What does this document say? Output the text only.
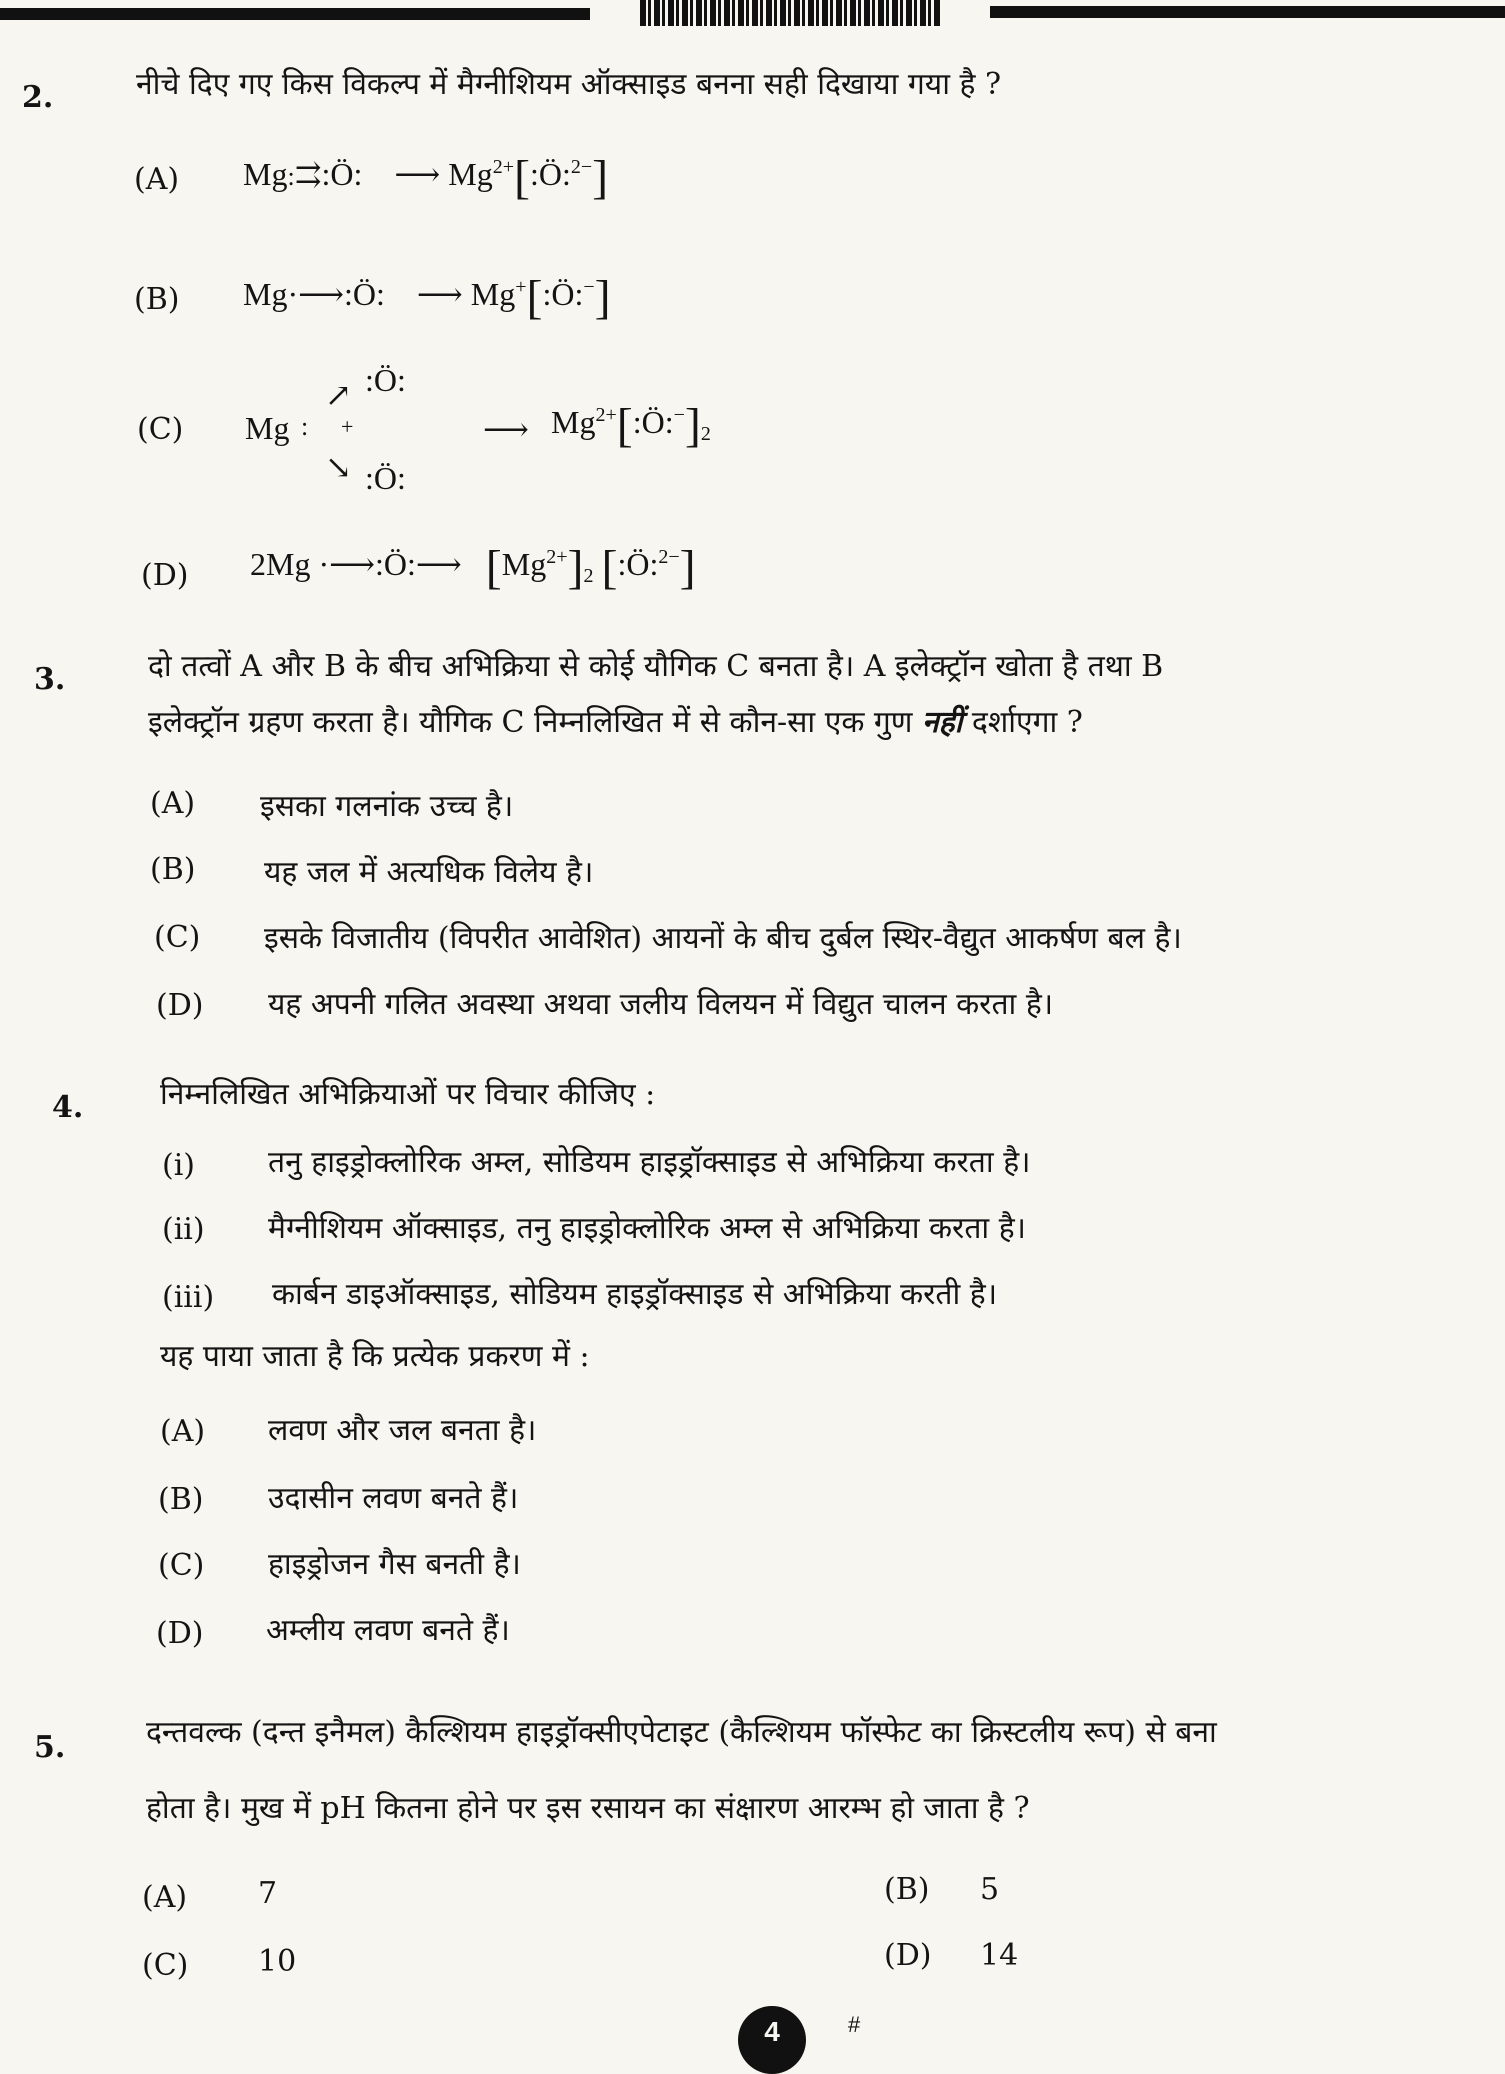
2.	नीचे दिए गए किस विकल्प में मैग्नीशियम ऑक्साइड बनना सही दिखाया गया है ?
(A) Mg:⇉:Ö: ⟶ $Mg^{2+}[:Ö:^{2-}]$
(B) Mg·⟶:Ö: ⟶ Mg+[:Ö:−]
(C) Mg : +
↗
↘
:Ö:
:Ö:
⟶ $Mg^{2+}[:Ö:^-]_2$
(D) 2Mg ·⟶:Ö:⟶ $[Mg^{2+}]_2$ [:Ö:$^{2-}$]
3.	दो तत्वों A और B के बीच अभिक्रिया से कोई यौगिक C बनता है। A इलेक्ट्रॉन खोता है तथा B
इलेक्ट्रॉन ग्रहण करता है। यौगिक C निम्नलिखित में से कौन-सा एक गुण नहीं दर्शाएगा ?
(A) इसका गलनांक उच्च है।
(B) यह जल में अत्यधिक विलेय है।
(C) इसके विजातीय (विपरीत आवेशित) आयनों के बीच दुर्बल स्थिर-वैद्युत आकर्षण बल है।
(D) यह अपनी गलित अवस्था अथवा जलीय विलयन में विद्युत चालन करता है।
4.	निम्नलिखित अभिक्रियाओं पर विचार कीजिए :
(i) तनु हाइड्रोक्लोरिक अम्ल, सोडियम हाइड्रॉक्साइड से अभिक्रिया करता है।
(ii) मैग्नीशियम ऑक्साइड, तनु हाइड्रोक्लोरिक अम्ल से अभिक्रिया करता है।
(iii) कार्बन डाइऑक्साइड, सोडियम हाइड्रॉक्साइड से अभिक्रिया करती है।
यह पाया जाता है कि प्रत्येक प्रकरण में :
(A) लवण और जल बनता है।
(B) उदासीन लवण बनते हैं।
(C) हाइड्रोजन गैस बनती है।
(D) अम्लीय लवण बनते हैं।
5.	दन्तवल्क (दन्त इनैमल) कैल्शियम हाइड्रॉक्सीएपेटाइट (कैल्शियम फॉस्फेट का क्रिस्टलीय रूप) से बना
होता है। मुख में pH कितना होने पर इस रसायन का संक्षारण आरम्भ हो जाता है ?
(A) 7	(B) 5
(C) 10	(D) 14
4	#
